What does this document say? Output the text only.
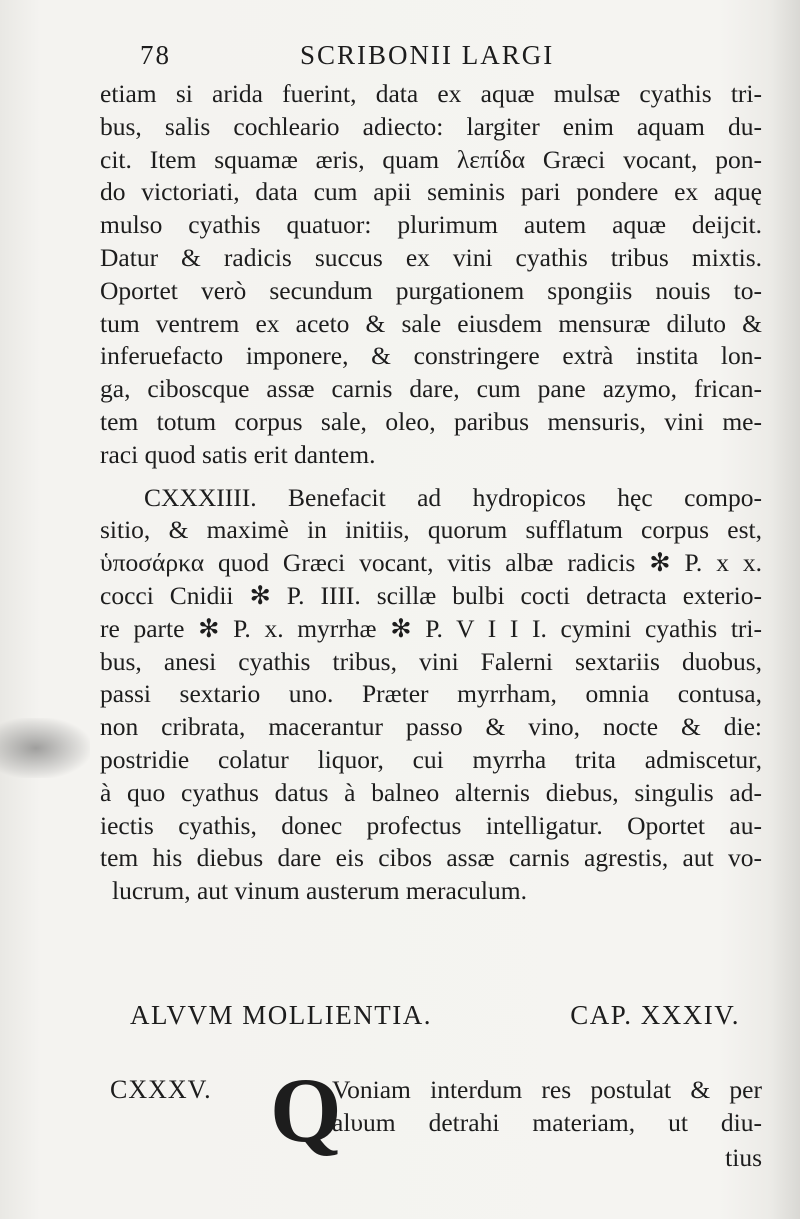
78	SCRIBONII LARGI
etiam si arida fuerint, data ex aquæ mulsæ cyathis tri-
bus, salis cochleario adiecto: largiter enim aquam du-
cit. Item squamæ æris, quam λεπίδα Græci vocant, pon-
do victoriati, data cum apii seminis pari pondere ex aquę
mulso cyathis quatuor: plurimum autem aquæ deijcit.
Datur & radicis succus ex vini cyathis tribus mixtis.
Oportet verò secundum purgationem spongiis nouis to-
tum ventrem ex aceto & sale eiusdem mensuræ diluto &
inferuefacto imponere, & constringere extrà instita lon-
ga, ciboscque assæ carnis dare, cum pane azymo, frican-
tem totum corpus sale, oleo, paribus mensuris, vini me-
raci quod satis erit dantem.
CXXXIIII. Benefacit ad hydropicos hęc compo-
sitio, & maximè in initiis, quorum sufflatum corpus est,
ὑποσάρκα quod Græci vocant, vitis albæ radicis ✻ P. x x.
cocci Cnidii ✻ P. IIII. scillæ bulbi cocti detracta exterio-
re parte ✻ P. x. myrrhæ ✻ P. V I I I. cymini cyathis tri-
bus, anesi cyathis tribus, vini Falerni sextariis duobus,
passi sextario uno. Præter myrrham, omnia contusa,
non cribrata, macerantur passo & vino, nocte & die:
postridie colatur liquor, cui myrrha trita admiscetur,
à quo cyathus datus à balneo alternis diebus, singulis ad-
iectis cyathis, donec profectus intelligatur. Oportet au-
tem his diebus dare eis cibos assæ carnis agrestis, aut vo-
lucrum, aut vinum austerum meraculum.
ALVVM MOLLIENTIA.	CAP. XXXIV.
CXXXV. Q
Voniam interdum res postulat & per
alυum detrahi materiam, ut diu-
tius
